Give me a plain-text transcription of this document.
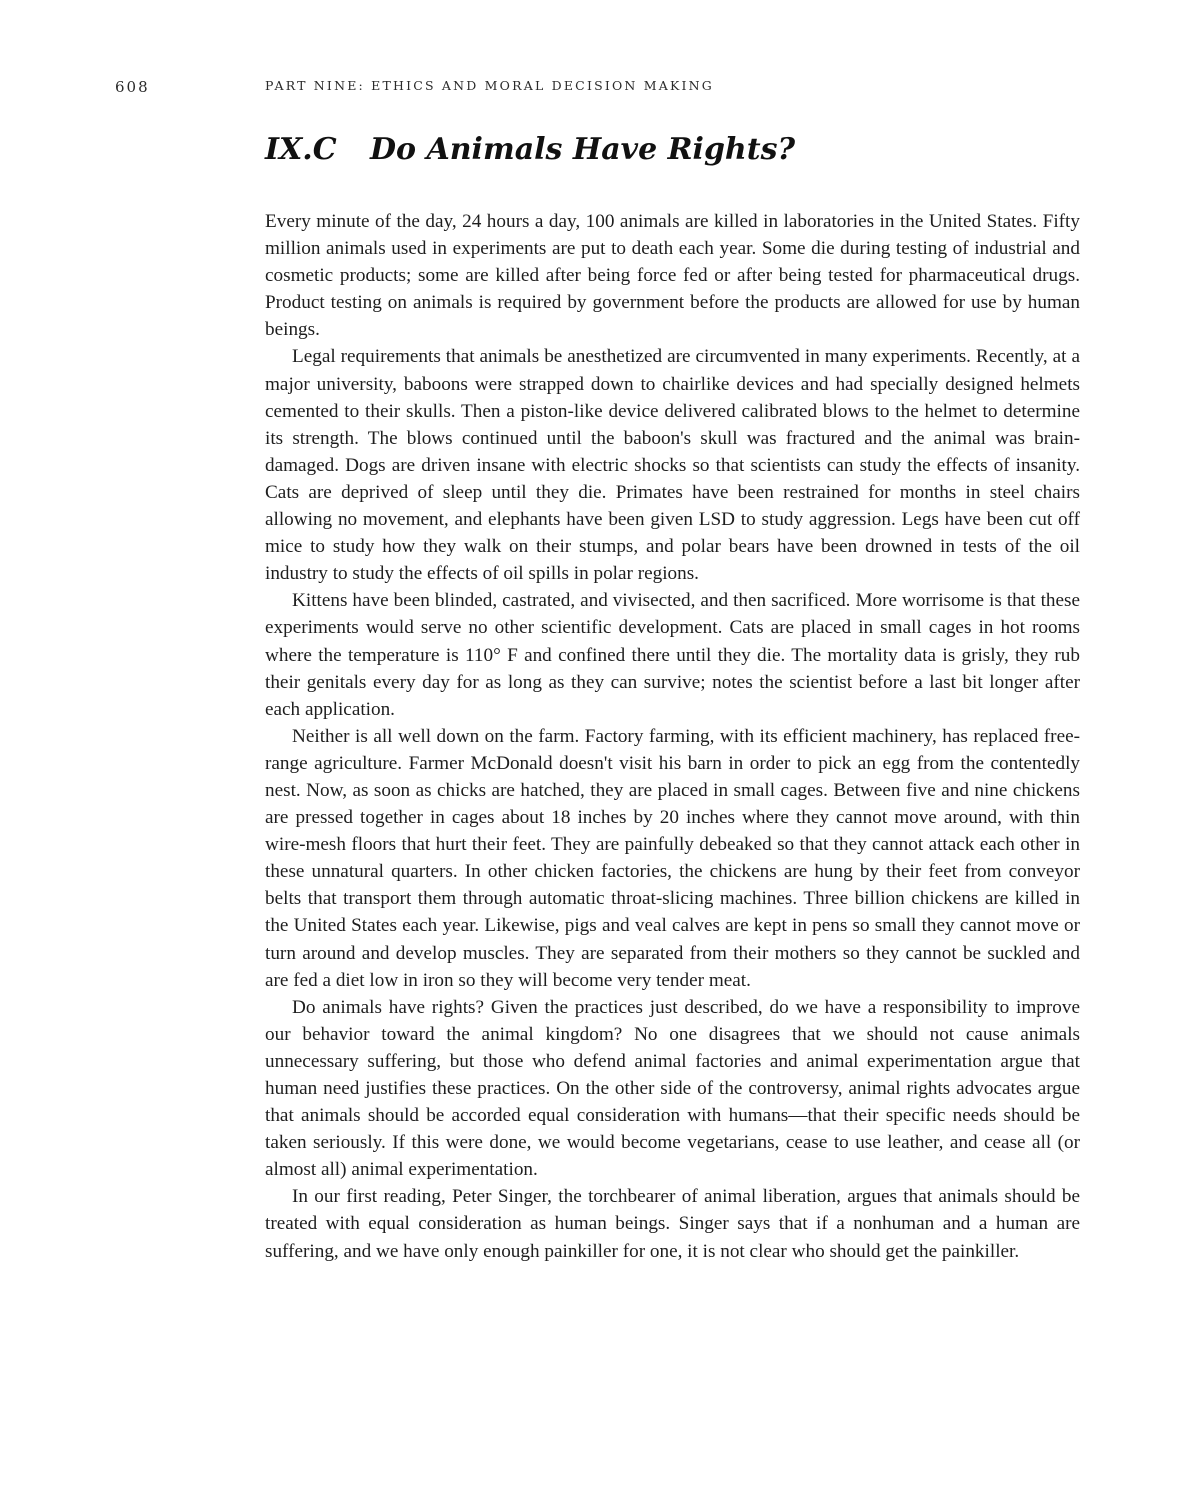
608	PART NINE: ETHICS AND MORAL DECISION MAKING
IX.C Do Animals Have Rights?

Every minute of the day, 24 hours a day, 100 animals are killed in laboratories in the United States. Fifty million animals used in experiments are put to death each year. Some die during testing of industrial and cosmetic products; some are killed after being force fed or after being tested for pharmaceutical drugs. Product testing on animals is required by government before the products are allowed for use by human beings.

Legal requirements that animals be anesthetized are circumvented in many experiments. Recently, at a major university, baboons were strapped down to chairlike devices and had specially designed helmets cemented to their skulls. Then a piston-like device delivered calibrated blows to the helmet to determine its strength. The blows continued until the baboon's skull was fractured and the animal was brain-damaged. Dogs are driven insane with electric shocks so that scientists can study the effects of insanity. Cats are deprived of sleep until they die. Primates have been restrained for months in steel chairs allowing no movement, and elephants have been given LSD to study aggression. Legs have been cut off mice to study how they walk on their stumps, and polar bears have been drowned in tests of the oil industry to study the effects of oil spills in polar regions.

Kittens have been blinded, castrated, and vivisected, and then sacrificed. More worrisome is that these experiments would serve no other scientific development. Cats are placed in small cages in hot rooms where the temperature is 110° F and confined there until they die. The mortality data is grisly, they rub their genitals every day for as long as they can survive; notes the scientist before a last bit longer after each application.

Neither is all well down on the farm. Factory farming, with its efficient machinery, has replaced free-range agriculture. Farmer McDonald doesn't visit his barn in order to pick an egg from the contentedly nest. Now, as soon as chicks are hatched, they are placed in small cages. Between five and nine chickens are pressed together in cages about 18 inches by 20 inches where they cannot move around, with thin wire-mesh floors that hurt their feet. They are painfully debeaked so that they cannot attack each other in these unnatural quarters. In other chicken factories, the chickens are hung by their feet from conveyor belts that transport them through automatic throat-slicing machines. Three billion chickens are killed in the United States each year. Likewise, pigs and veal calves are kept in pens so small they cannot move or turn around and develop muscles. They are separated from their mothers so they cannot be suckled and are fed a diet low in iron so they will become very tender meat.

Do animals have rights? Given the practices just described, do we have a responsibility to improve our behavior toward the animal kingdom? No one disagrees that we should not cause animals unnecessary suffering, but those who defend animal factories and animal experimentation argue that human need justifies these practices. On the other side of the controversy, animal rights advocates argue that animals should be accorded equal consideration with humans—that their specific needs should be taken seriously. If this were done, we would become vegetarians, cease to use leather, and cease all (or almost all) animal experimentation.

In our first reading, Peter Singer, the torchbearer of animal liberation, argues that animals should be treated with equal consideration as human beings. Singer says that if a nonhuman and a human are suffering, and we have only enough painkiller for one, it is not clear who should get the painkiller.
